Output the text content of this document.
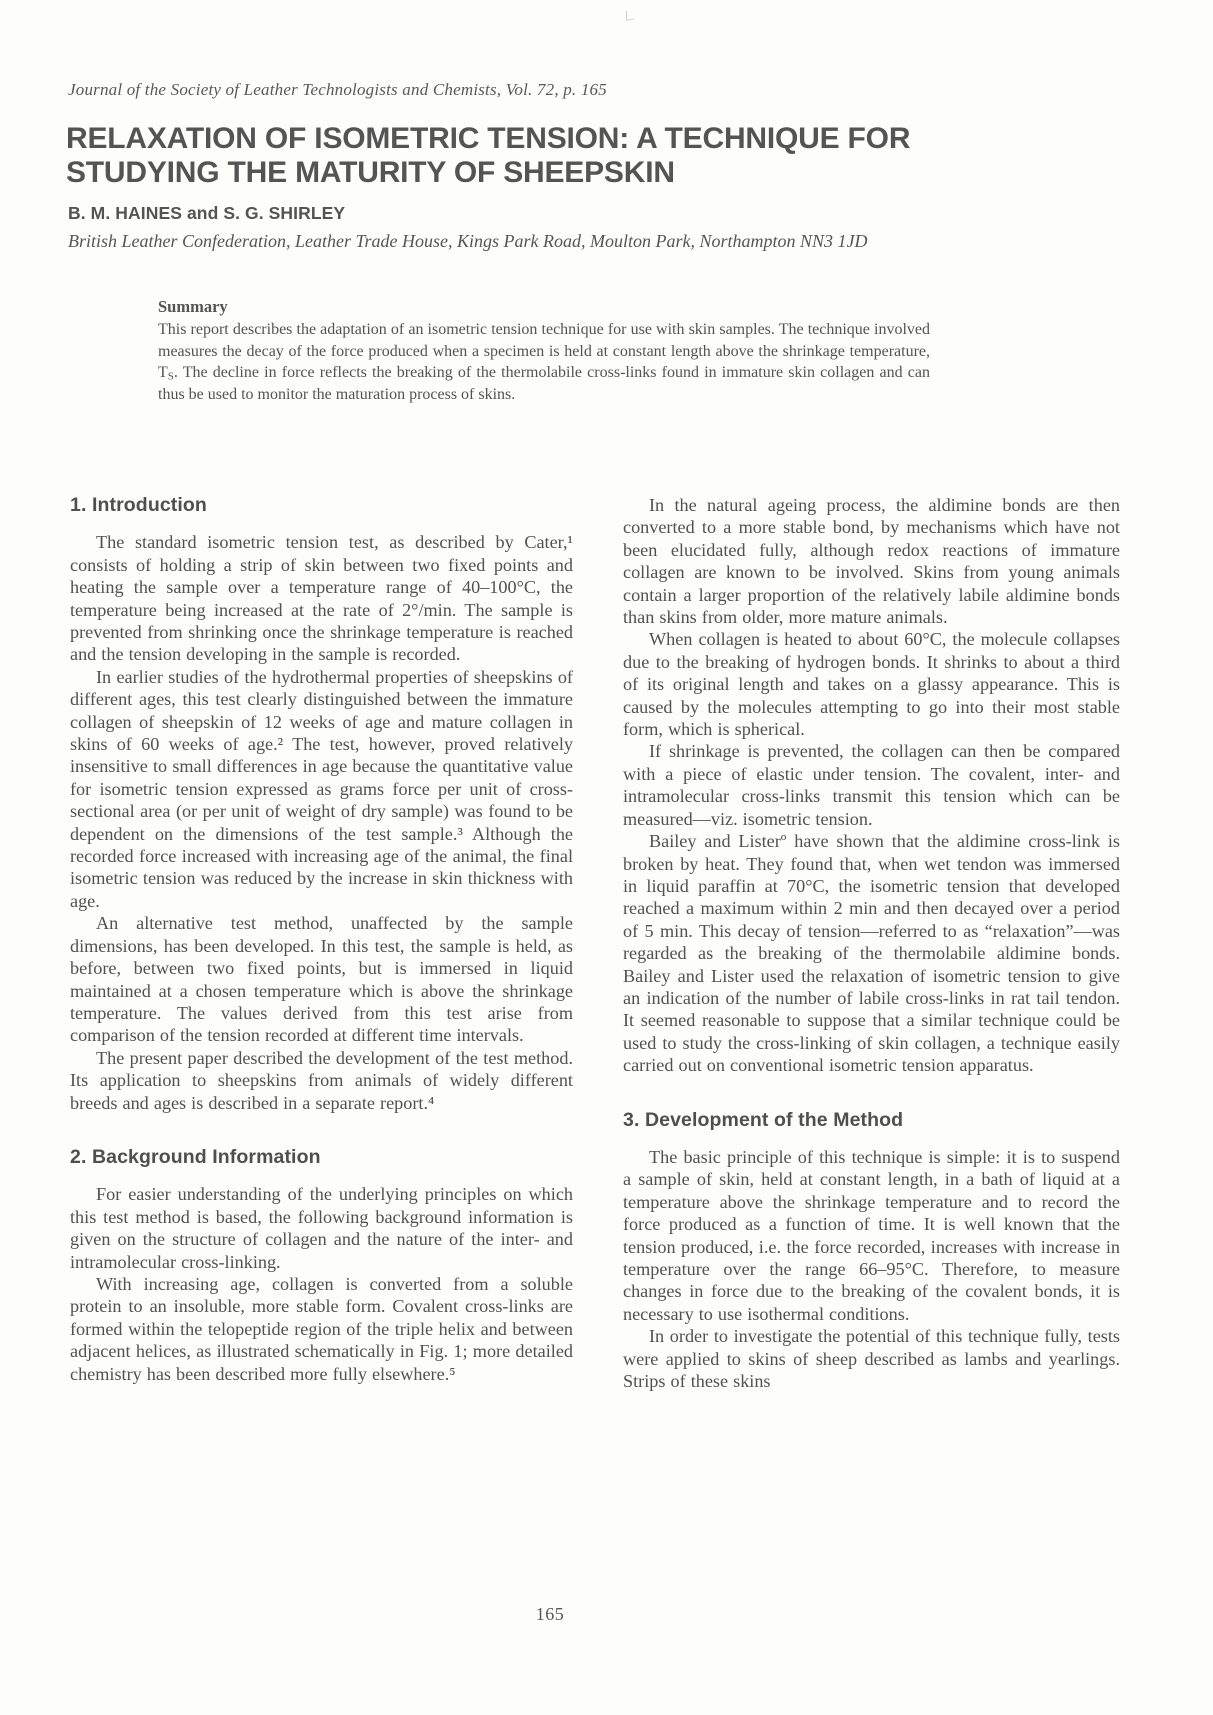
Journal of the Society of Leather Technologists and Chemists, Vol. 72, p. 165
RELAXATION OF ISOMETRIC TENSION: A TECHNIQUE FOR
STUDYING THE MATURITY OF SHEEPSKIN
B. M. HAINES and S. G. SHIRLEY
British Leather Confederation, Leather Trade House, Kings Park Road, Moulton Park, Northampton NN3 1JD
Summary
This report describes the adaptation of an isometric tension technique for use with skin samples. The technique involved measures the decay of the force produced when a specimen is held at constant length above the shrinkage temperature, TS. The decline in force reflects the breaking of the thermolabile cross-links found in immature skin collagen and can thus be used to monitor the maturation process of skins.
1. Introduction

The standard isometric tension test, as described by Cater,¹ consists of holding a strip of skin between two fixed points and heating the sample over a temperature range of 40–100°C, the temperature being increased at the rate of 2°/min. The sample is prevented from shrinking once the shrinkage temperature is reached and the tension developing in the sample is recorded.

In earlier studies of the hydrothermal properties of sheepskins of different ages, this test clearly distinguished between the immature collagen of sheepskin of 12 weeks of age and mature collagen in skins of 60 weeks of age.² The test, however, proved relatively insensitive to small differences in age because the quantitative value for isometric tension expressed as grams force per unit of cross-sectional area (or per unit of weight of dry sample) was found to be dependent on the dimensions of the test sample.³ Although the recorded force increased with increasing age of the animal, the final isometric tension was reduced by the increase in skin thickness with age.

An alternative test method, unaffected by the sample dimensions, has been developed. In this test, the sample is held, as before, between two fixed points, but is immersed in liquid maintained at a chosen temperature which is above the shrinkage temperature. The values derived from this test arise from comparison of the tension recorded at different time intervals.

The present paper described the development of the test method. Its application to sheepskins from animals of widely different breeds and ages is described in a separate report.⁴

2. Background Information

For easier understanding of the underlying principles on which this test method is based, the following background information is given on the structure of collagen and the nature of the inter- and intramolecular cross-linking.

With increasing age, collagen is converted from a soluble protein to an insoluble, more stable form. Covalent cross-links are formed within the telopeptide region of the triple helix and between adjacent helices, as illustrated schematically in Fig. 1; more detailed chemistry has been described more fully elsewhere.⁵

In the natural ageing process, the aldimine bonds are then converted to a more stable bond, by mechanisms which have not been elucidated fully, although redox reactions of immature collagen are known to be involved. Skins from young animals contain a larger proportion of the relatively labile aldimine bonds than skins from older, more mature animals.

When collagen is heated to about 60°C, the molecule collapses due to the breaking of hydrogen bonds. It shrinks to about a third of its original length and takes on a glassy appearance. This is caused by the molecules attempting to go into their most stable form, which is spherical.

If shrinkage is prevented, the collagen can then be compared with a piece of elastic under tension. The covalent, inter- and intramolecular cross-links transmit this tension which can be measured—viz. isometric tension.

Bailey and Listerº have shown that the aldimine cross-link is broken by heat. They found that, when wet tendon was immersed in liquid paraffin at 70°C, the isometric tension that developed reached a maximum within 2 min and then decayed over a period of 5 min. This decay of tension—referred to as “relaxation”—was regarded as the breaking of the thermolabile aldimine bonds. Bailey and Lister used the relaxation of isometric tension to give an indication of the number of labile cross-links in rat tail tendon. It seemed reasonable to suppose that a similar technique could be used to study the cross-linking of skin collagen, a technique easily carried out on conventional isometric tension apparatus.

3. Development of the Method

The basic principle of this technique is simple: it is to suspend a sample of skin, held at constant length, in a bath of liquid at a temperature above the shrinkage temperature and to record the force produced as a function of time. It is well known that the tension produced, i.e. the force recorded, increases with increase in temperature over the range 66–95°C. Therefore, to measure changes in force due to the breaking of the covalent bonds, it is necessary to use isothermal conditions.

In order to investigate the potential of this technique fully, tests were applied to skins of sheep described as lambs and yearlings. Strips of these skins

165
